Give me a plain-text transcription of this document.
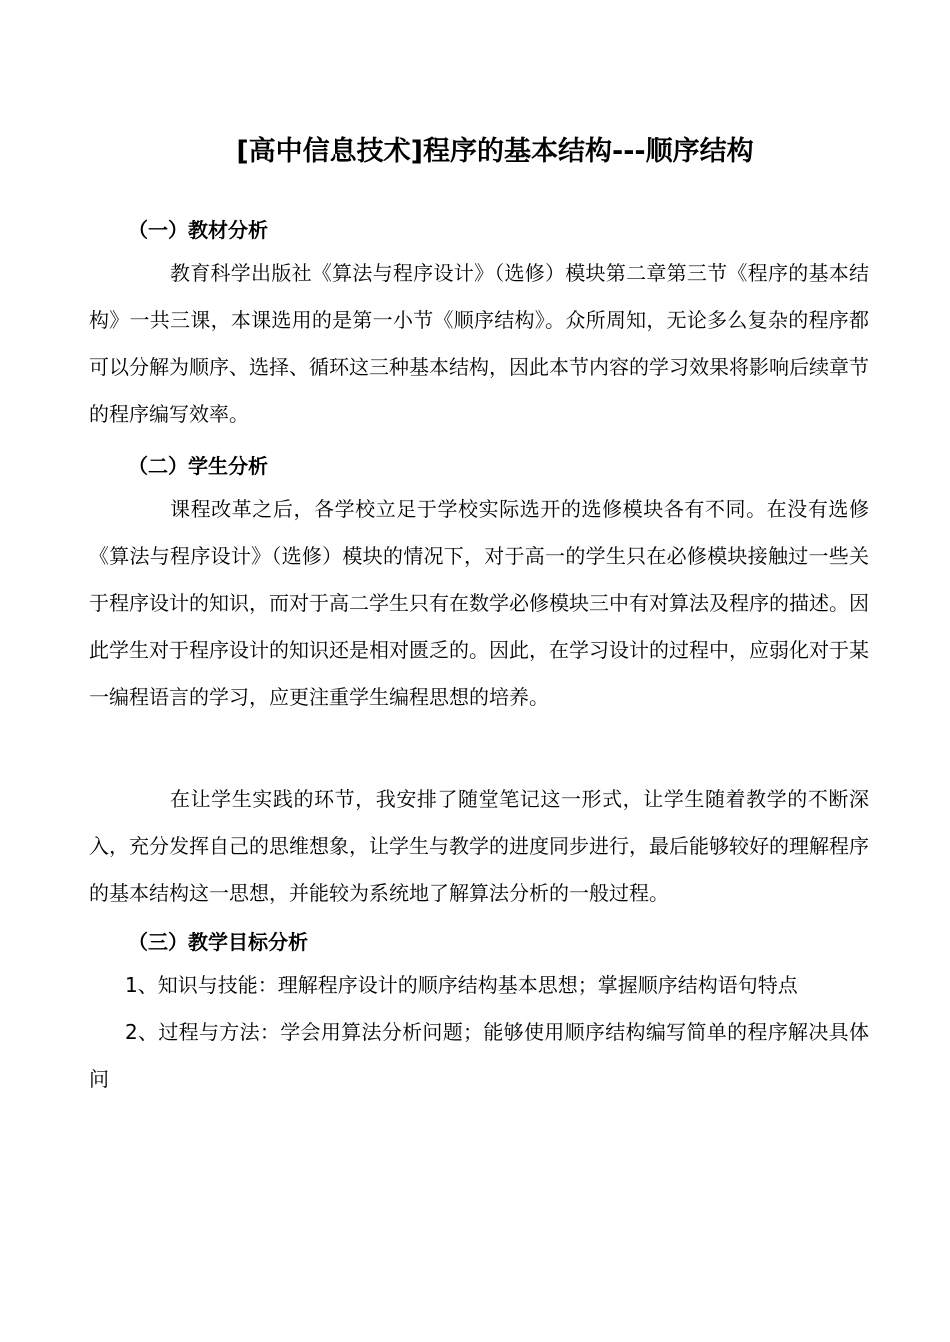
[高中信息技术]程序的基本结构---顺序结构
（一）教材分析
教育科学出版社《算法与程序设计》（选修）模块第二章第三节《程序的基本结构》一共三课，本课选用的是第一小节《顺序结构》。众所周知，无论多么复杂的程序都可以分解为顺序、选择、循环这三种基本结构，因此本节内容的学习效果将影响后续章节的程序编写效率。
（二）学生分析
课程改革之后，各学校立足于学校实际选开的选修模块各有不同。在没有选修《算法与程序设计》（选修）模块的情况下，对于高一的学生只在必修模块接触过一些关于程序设计的知识，而对于高二学生只有在数学必修模块三中有对算法及程序的描述。因此学生对于程序设计的知识还是相对匮乏的。因此，在学习设计的过程中，应弱化对于某一编程语言的学习，应更注重学生编程思想的培养。
在让学生实践的环节，我安排了随堂笔记这一形式，让学生随着教学的不断深入，充分发挥自己的思维想象，让学生与教学的进度同步进行，最后能够较好的理解程序的基本结构这一思想，并能较为系统地了解算法分析的一般过程。
（三）教学目标分析
1、知识与技能：理解程序设计的顺序结构基本思想；掌握顺序结构语句特点
2、过程与方法：学会用算法分析问题；能够使用顺序结构编写简单的程序解决具体问
